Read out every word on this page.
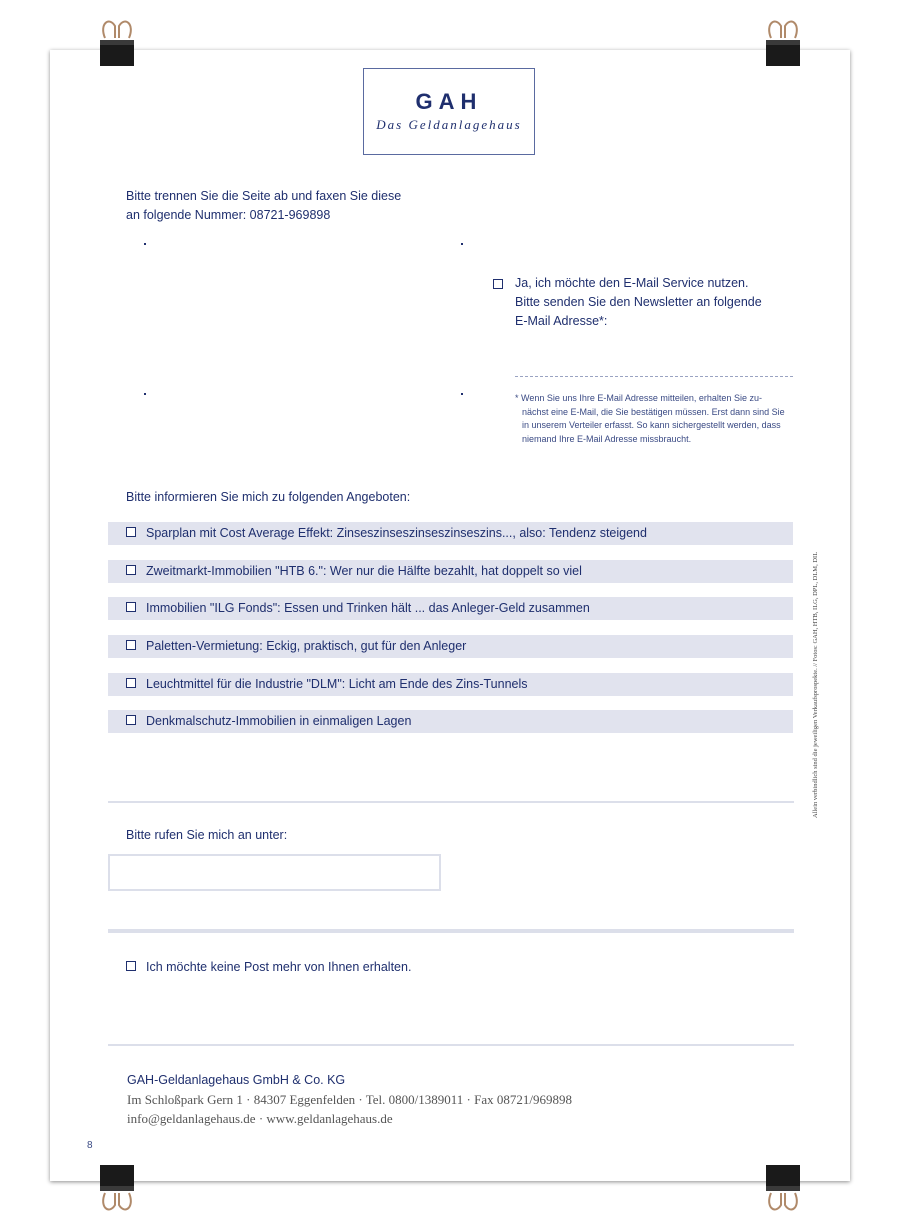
GAH
Das Geldanlagehaus
Bitte trennen Sie die Seite ab und faxen Sie diese
an folgende Nummer: 08721-969898
Ja, ich möchte den E-Mail Service nutzen.
Bitte senden Sie den Newsletter an folgende
E-Mail Adresse*:
* Wenn Sie uns Ihre E-Mail Adresse mitteilen, erhalten Sie zu-
nächst eine E-Mail, die Sie bestätigen müssen. Erst dann sind Sie
in unserem Verteiler erfasst. So kann sichergestellt werden, dass
niemand Ihre E-Mail Adresse missbraucht.
Bitte informieren Sie mich zu folgenden Angeboten:
Sparplan mit Cost Average Effekt: Zinseszinseszinseszinseszins..., also: Tendenz steigend
Zweitmarkt-Immobilien "HTB 6.": Wer nur die Hälfte bezahlt, hat doppelt so viel
Immobilien "ILG Fonds": Essen und Trinken hält ... das Anleger-Geld zusammen
Paletten-Vermietung: Eckig, praktisch, gut für den Anleger
Leuchtmittel für die Industrie "DLM": Licht am Ende des Zins-Tunnels
Denkmalschutz-Immobilien in einmaligen Lagen
Bitte rufen Sie mich an unter:
Ich möchte keine Post mehr von Ihnen erhalten.
GAH-Geldanlagehaus GmbH & Co. KG
Im Schloßpark Gern 1 · 84307 Eggenfelden · Tel. 0800/1389011 · Fax 08721/969898
info@geldanlagehaus.de · www.geldanlagehaus.de
Allein verbindlich sind die jeweiligen Verkaufsprospekte. // Fotos: GAH, HTB, ILG, DPL, DLM, DIL
8
